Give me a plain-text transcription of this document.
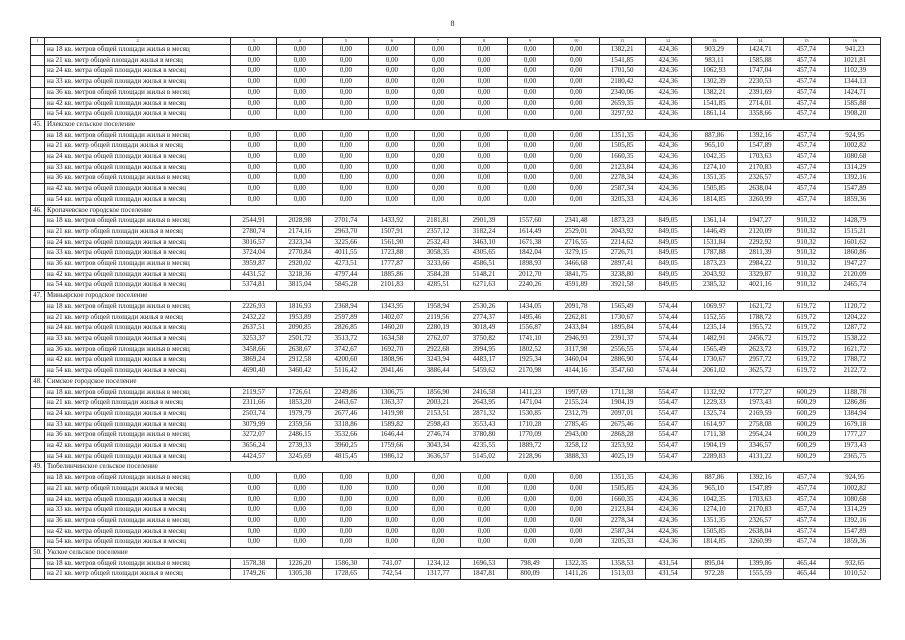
8
1	2	3	4	5	6	7	8	9	10	11	12	13	14	15	16
	на 18 кв. метров общей площади жилья в месяц	0,00	0,00	0,00	0,00	0,00	0,00	0,00	0,00	1382,21	424,36	903,29	1424,71	457,74	941,23
	на 21 кв. метр общей площади жилья в месяц	0,00	0,00	0,00	0,00	0,00	0,00	0,00	0,00	1541,85	424,36	983,11	1585,88	457,74	1021,81
	на 24 кв. метра общей площади жилья в месяц	0,00	0,00	0,00	0,00	0,00	0,00	0,00	0,00	1701,50	424,36	1062,93	1747,04	457,74	1102,39
	на 33 кв. метра общей площади жилья в месяц	0,00	0,00	0,00	0,00	0,00	0,00	0,00	0,00	2180,42	424,36	1302,39	2230,53	457,74	1344,13
	на 36 кв. метров общей площади жилья в месяц	0,00	0,00	0,00	0,00	0,00	0,00	0,00	0,00	2340,06	424,36	1382,21	2391,69	457,74	1424,71
	на 42 кв. метра общей площади жилья в месяц	0,00	0,00	0,00	0,00	0,00	0,00	0,00	0,00	2659,35	424,36	1541,85	2714,01	457,74	1585,88
	на 54 кв. метра общей площади жилья в месяц	0,00	0,00	0,00	0,00	0,00	0,00	0,00	0,00	3297,92	424,36	1861,14	3358,66	457,74	1908,20
45.	Илекское сельское поселение														
	на 18 кв. метров общей площади жилья в месяц	0,00	0,00	0,00	0,00	0,00	0,00	0,00	0,00	1351,35	424,36	887,86	1392,16	457,74	924,95
	на 21 кв. метр общей площади жилья в месяц	0,00	0,00	0,00	0,00	0,00	0,00	0,00	0,00	1505,85	424,36	965,10	1547,89	457,74	1002,82
	на 24 кв. метра общей площади жилья в месяц	0,00	0,00	0,00	0,00	0,00	0,00	0,00	0,00	1660,35	424,36	1042,35	1703,63	457,74	1080,68
	на 33 кв. метра общей площади жилья в месяц	0,00	0,00	0,00	0,00	0,00	0,00	0,00	0,00	2123,84	424,36	1274,10	2170,83	457,74	1314,29
	на 36 кв. метров общей площади жилья в месяц	0,00	0,00	0,00	0,00	0,00	0,00	0,00	0,00	2278,34	424,36	1351,35	2326,57	457,74	1392,16
	на 42 кв. метра общей площади жилья в месяц	0,00	0,00	0,00	0,00	0,00	0,00	0,00	0,00	2587,34	424,36	1505,85	2638,04	457,74	1547,89
	на 54 кв. метра общей площади жилья в месяц	0,00	0,00	0,00	0,00	0,00	0,00	0,00	0,00	3205,33	424,36	1814,85	3260,99	457,74	1859,36
46.	Кропачевское городское поселение														
	на 18 кв. метров общей площади жилья в месяц	2544,91	2028,98	2701,74	1433,92	2181,81	2901,39	1557,60	2341,48	1873,23	849,05	1361,14	1947,27	910,32	1428,79
	на 21 кв. метр общей площади жилья в месяц	2780,74	2174,16	2963,70	1507,91	2357,12	3182,24	1614,49	2529,01	2043,92	849,05	1446,49	2120,09	910,32	1515,21
	на 24 кв. метра общей площади жилья в месяц	3016,57	2323,34	3225,66	1561,90	2532,43	3463,10	1671,38	2716,55	2214,62	849,05	1531,84	2292,92	910,32	1601,62
	на 33 кв. метра общей площади жилья в месяц	3724,04	2770,84	4011,55	1723,88	3058,35	4305,65	1842,04	3279,15	2726,71	849,05	1787,88	2811,39	910,32	1860,86
	на 36 кв. метров общей площади жилья в месяц	3959,87	2920,02	4273,51	1777,87	3233,66	4586,51	1898,93	3466,68	2897,41	849,05	1873,23	2984,22	910,32	1947,27
	на 42 кв. метра общей площади жилья в месяц	4431,52	3218,36	4797,44	1885,86	3584,28	5148,21	2012,70	3841,75	3238,80	849,05	2043,92	3329,87	910,32	2120,09
	на 54 кв. метра общей площади жилья в месяц	5374,81	3815,04	5845,28	2101,83	4285,51	6271,63	2240,26	4591,89	3921,58	849,05	2385,32	4021,16	910,32	2465,74
47.	Миньярское городское поселение														
	на 18 кв. метров общей площади жилья в месяц	2226,93	1816,93	2368,94	1343,95	1958,94	2530,26	1434,05	2091,78	1565,49	574,44	1069,97	1621,72	619,72	1120,72
	на 21 кв. метр общей площади жилья в месяц	2432,22	1953,89	2597,89	1402,07	2119,56	2774,37	1495,46	2262,81	1730,67	574,44	1152,55	1788,72	619,72	1204,22
	на 24 кв. метра общей площади жилья в месяц	2637,51	2090,85	2826,85	1460,20	2280,19	3018,49	1556,87	2433,84	1895,84	574,44	1235,14	1955,72	619,72	1287,72
	на 33 кв. метра общей площади жилья в месяц	3253,37	2501,72	3513,72	1634,58	2762,07	3750,82	1741,10	2946,93	2391,37	574,44	1482,91	2456,72	619,72	1538,22
	на 36 кв. метров общей площади жилья в месяц	3458,66	2638,67	3742,67	1692,70	2922,68	3994,95	1802,52	3117,98	2556,55	574,44	1565,49	2623,72	619,72	1621,72
	на 42 кв. метра общей площади жилья в месяц	3869,24	2912,58	4200,60	1808,96	3243,94	4483,17	1925,34	3460,04	2886,90	574,44	1730,67	2957,72	619,72	1788,72
	на 54 кв. метра общей площади жилья в месяц	4690,40	3460,42	5116,42	2041,46	3886,44	5459,62	2170,98	4144,16	3547,60	574,44	2061,02	3625,72	619,72	2122,72
48.	Симское городское поселение														
	на 18 кв. метров общей площади жилья в месяц	2119,57	1726,61	2249,86	1306,75	1856,90	2416,58	1411,23	1997,69	1711,38	554,47	1132,92	1777,27	600,29	1188,78
	на 21 кв. метр общей площади жилья в месяц	2311,66	1853,20	2463,67	1363,37	2003,21	2643,95	1471,04	2155,24	1904,19	554,47	1229,33	1973,43	600,29	1286,86
	на 24 кв. метра общей площади жилья в месяц	2503,74	1979,79	2677,46	1419,98	2153,51	2871,32	1530,85	2312,79	2097,01	554,47	1325,74	2169,59	600,29	1384,94
	на 33 кв. метра общей площади жилья в месяц	3079,99	2359,56	3318,86	1589,82	2598,43	3553,43	1710,28	2785,45	2675,46	554,47	1614,97	2758,08	600,29	1679,18
	на 36 кв. метров общей площади жилья в месяц	3272,07	2486,15	3532,66	1646,44	2746,74	3780,80	1770,09	2943,00	2868,28	554,47	1711,38	2954,24	600,29	1777,27
	на 42 кв. метра общей площади жилья в месяц	3656,24	2739,33	3960,25	1759,66	3043,34	4235,55	1889,72	3258,12	3253,92	554,47	1904,19	3346,57	600,29	1973,43
	на 54 кв. метра общей площади жилья в месяц	4424,57	3245,69	4815,45	1986,12	3636,57	5145,02	2128,96	3888,33	4025,19	554,47	2289,83	4131,22	600,29	2365,75
49.	Тюбелинчинское сельское поселение														
	на 18 кв. метров общей площади жилья в месяц	0,00	0,00	0,00	0,00	0,00	0,00	0,00	0,00	1351,35	424,36	887,86	1392,16	457,74	924,95
	на 21 кв. метр общей площади жилья в месяц	0,00	0,00	0,00	0,00	0,00	0,00	0,00	0,00	1505,85	424,36	965,10	1547,89	457,74	1002,82
	на 24 кв. метра общей площади жилья в месяц	0,00	0,00	0,00	0,00	0,00	0,00	0,00	0,00	1660,35	424,36	1042,35	1703,63	457,74	1080,68
	на 33 кв. метра общей площади жилья в месяц	0,00	0,00	0,00	0,00	0,00	0,00	0,00	0,00	2123,84	424,36	1274,10	2170,83	457,74	1314,29
	на 36 кв. метров общей площади жилья в месяц	0,00	0,00	0,00	0,00	0,00	0,00	0,00	0,00	2278,34	424,36	1351,35	2326,57	457,74	1392,16
	на 42 кв. метра общей площади жилья в месяц	0,00	0,00	0,00	0,00	0,00	0,00	0,00	0,00	2587,34	424,36	1505,85	2638,04	457,74	1547,89
	на 54 кв. метра общей площади жилья в месяц	0,00	0,00	0,00	0,00	0,00	0,00	0,00	0,00	3205,33	424,36	1814,85	3260,99	457,74	1859,36
50.	Укское сельское поселение														
	на 18 кв. метров общей площади жилья в месяц	1578,38	1226,20	1586,30	741,07	1234,12	1696,53	798,49	1322,35	1358,53	431,54	895,04	1399,86	465,44	932,65
	на 21 кв. метр общей площади жилья в месяц	1749,26	1305,38	1728,65	742,54	1317,77	1847,81	800,09	1411,26	1513,03	431,54	972,28	1555,59	465,44	1010,52
